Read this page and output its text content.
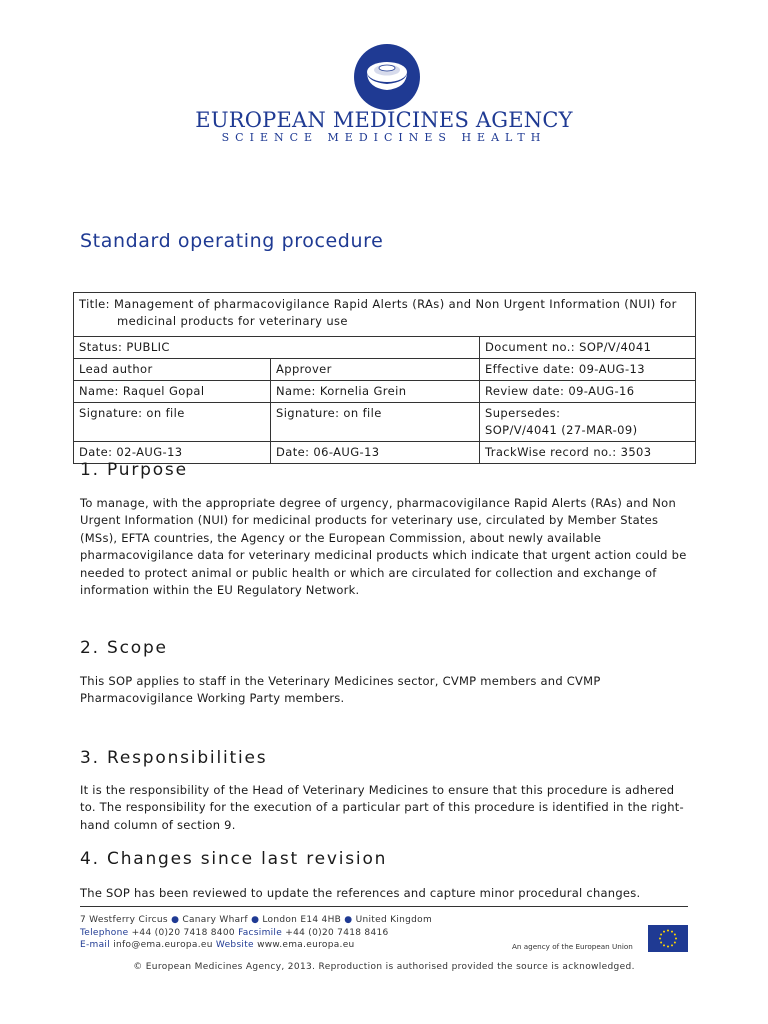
EUROPEAN MEDICINES AGENCY
SCIENCE MEDICINES HEALTH
Standard operating procedure
Title: Management of pharmacovigilance Rapid Alerts (RAs) and Non Urgent Information (NUI) for
medicinal products for veterinary use		

Status: PUBLIC		Document no.: SOP/V/4041
Lead author	Approver	Effective date: 09-AUG-13
Name: Raquel Gopal	Name: Kornelia Grein	Review date: 09-AUG-16
Signature: on file	Signature: on file	Supersedes:
SOP/V/4041 (27-MAR-09)

Date: 02-AUG-13	Date: 06-AUG-13	TrackWise record no.: 3503
1. Purpose
To manage, with the appropriate degree of urgency, pharmacovigilance Rapid Alerts (RAs) and Non Urgent Information (NUI) for medicinal products for veterinary use, circulated by Member States (MSs), EFTA countries, the Agency or the European Commission, about newly available pharmacovigilance data for veterinary medicinal products which indicate that urgent action could be needed to protect animal or public health or which are circulated for collection and exchange of information within the EU Regulatory Network.
2. Scope
This SOP applies to staff in the Veterinary Medicines sector, CVMP members and CVMP Pharmacovigilance Working Party members.
3. Responsibilities
It is the responsibility of the Head of Veterinary Medicines to ensure that this procedure is adhered to. The responsibility for the execution of a particular part of this procedure is identified in the right-hand column of section 9.
4. Changes since last revision
The SOP has been reviewed to update the references and capture minor procedural changes.
7 Westferry Circus ● Canary Wharf ● London E14 4HB ● United Kingdom
Telephone +44 (0)20 7418 8400 Facsimile +44 (0)20 7418 8416
E-mail info@ema.europa.eu Website www.ema.europa.eu	An agency of the European Union
© European Medicines Agency, 2013. Reproduction is authorised provided the source is acknowledged.
